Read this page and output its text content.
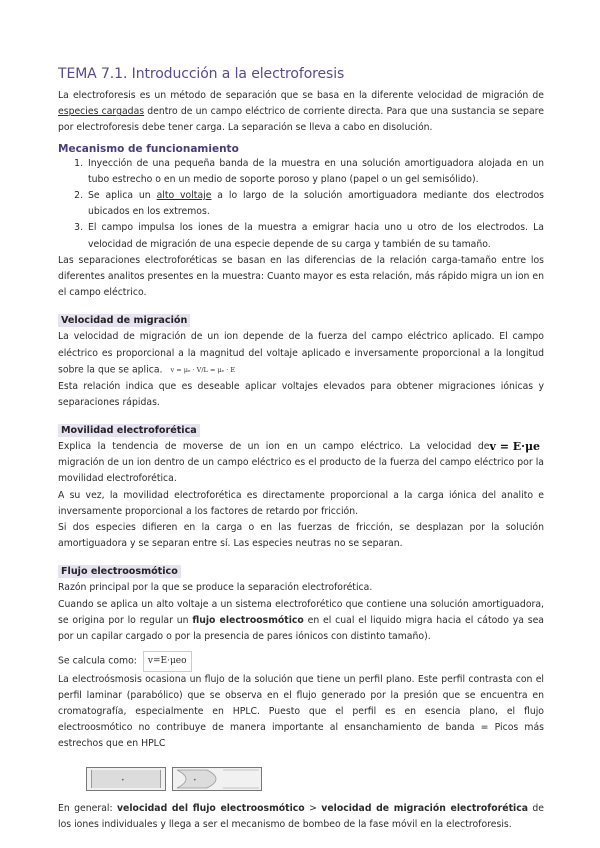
TEMA 7.1. Introducción a la electroforesis

La electroforesis es un método de separación que se basa en la diferente velocidad de migración de especies cargadas dentro de un campo eléctrico de corriente directa. Para que una sustancia se separe por electroforesis debe tener carga. La separación se lleva a cabo en disolución.

Mecanismo de funcionamiento
1. Inyección de una pequeña banda de la muestra en una solución amortiguadora alojada en un tubo estrecho o en un medio de soporte poroso y plano (papel o un gel semisólido).
2. Se aplica un alto voltaje a lo largo de la solución amortiguadora mediante dos electrodos ubicados en los extremos.
3. El campo impulsa los iones de la muestra a emigrar hacia uno u otro de los electrodos. La velocidad de migración de una especie depende de su carga y también de su tamaño.

Las separaciones electroforéticas se basan en las diferencias de la relación carga-tamaño entre los diferentes analitos presentes en la muestra: Cuanto mayor es esta relación, más rápido migra un ion en el campo eléctrico.

Velocidad de migración

La velocidad de migración de un ion depende de la fuerza del campo eléctrico aplicado. El campo eléctrico es proporcional a la magnitud del voltaje aplicado e inversamente proporcional a la longitud sobre la que se aplica. v = μₑ · V/L = μₑ · E

Esta relación indica que es deseable aplicar voltajes elevados para obtener migraciones iónicas y separaciones rápidas.

Movilidad electroforética

v = E·μe
Explica la tendencia de moverse de un ion en un campo eléctrico. La velocidad de migración de un ion dentro de un campo eléctrico es el producto de la fuerza del campo eléctrico por la movilidad electroforética.

A su vez, la movilidad electroforética es directamente proporcional a la carga iónica del analito e inversamente proporcional a los factores de retardo por fricción.

Si dos especies difieren en la carga o en las fuerzas de fricción, se desplazan por la solución amortiguadora y se separan entre sí. Las especies neutras no se separan.

Flujo electroosmótico

Razón principal por la que se produce la separación electroforética.

Cuando se aplica un alto voltaje a un sistema electroforético que contiene una solución amortiguadora, se origina por lo regular un flujo electroosmótico en el cual el liquido migra hacia el cátodo ya sea por un capilar cargado o por la presencia de pares iónicos con distinto tamaño).

Se calcula como: v=E·μeo

La electroósmosis ocasiona un flujo de la solución que tiene un perfil plano. Este perfil contrasta con el perfil laminar (parabólico) que se observa en el flujo generado por la presión que se encuentra en cromatografía, especialmente en HPLC. Puesto que el perfil es en esencia plano, el flujo electroosmótico no contribuye de manera importante al ensanchamiento de banda = Picos más estrechos que en HPLC

•	•

En general: velocidad del flujo electroosmótico > velocidad de migración electroforética de los iones individuales y llega a ser el mecanismo de bombeo de la fase móvil en la electroforesis.
